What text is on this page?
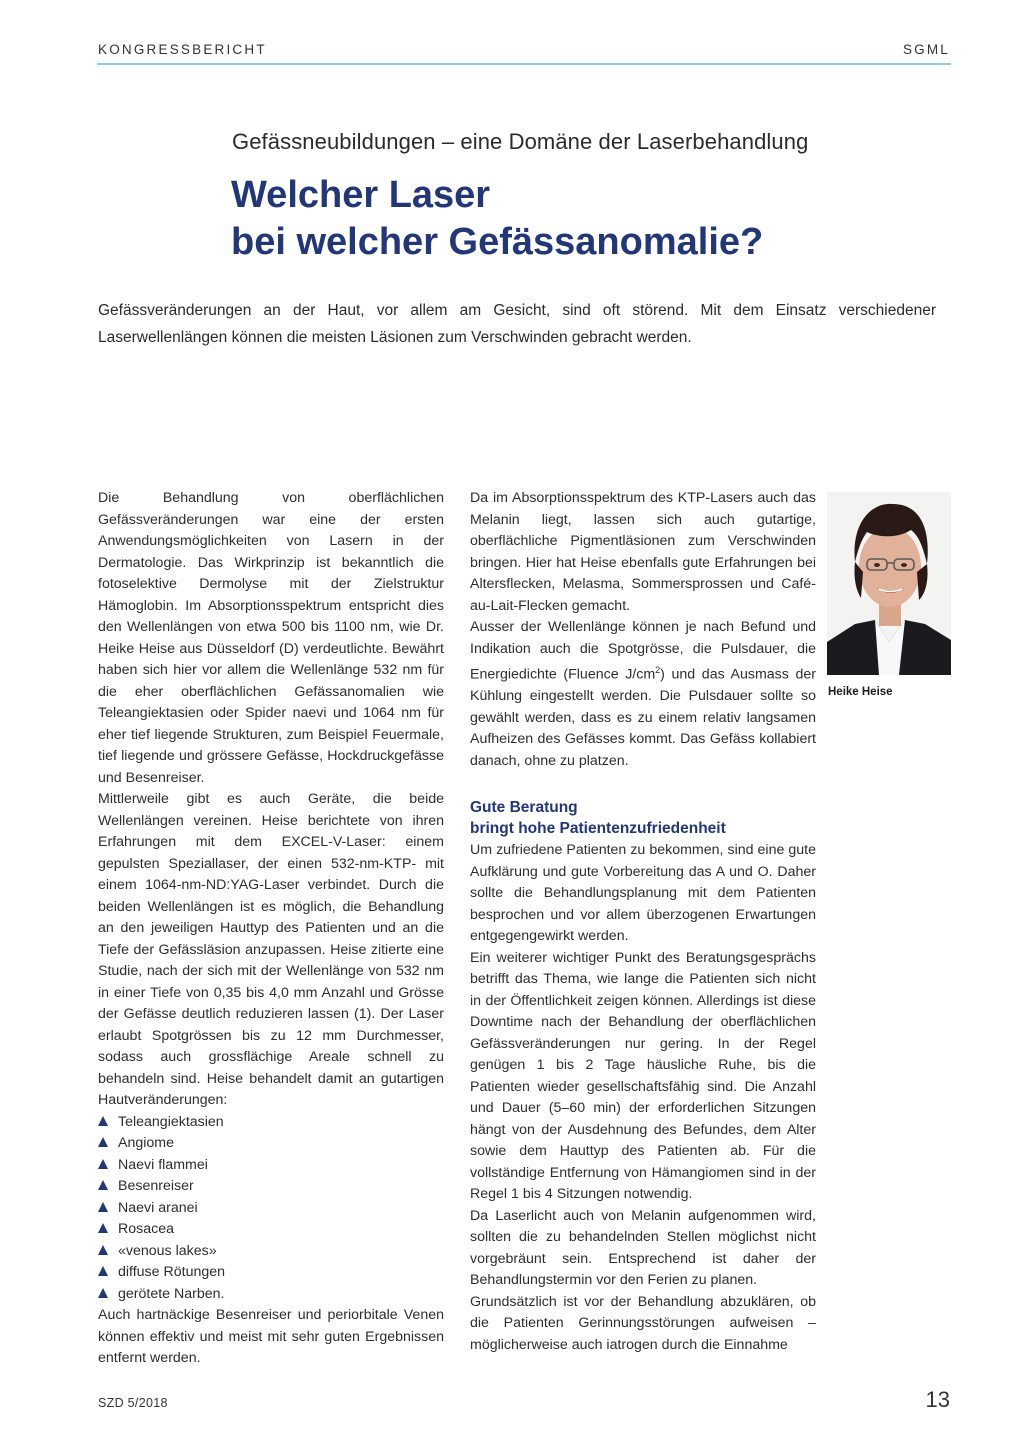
KONGRESSBERICHT	SGML
Gefässneubildungen – eine Domäne der Laserbehandlung
Welcher Laser
bei welcher Gefässanomalie?

Gefässveränderungen an der Haut, vor allem am Gesicht, sind oft störend. Mit dem Einsatz verschiedener Laserwellenlängen können die meisten Läsionen zum Verschwinden gebracht werden.

Die Behandlung von oberflächlichen Gefässveränderungen war eine der ersten Anwendungsmöglichkeiten von Lasern in der Dermatologie. Das Wirkprinzip ist bekanntlich die fotoselektive Dermolyse mit der Zielstruktur Hämoglobin. Im Absorptionsspektrum entspricht dies den Wellenlängen von etwa 500 bis 1100 nm, wie Dr. Heike Heise aus Düsseldorf (D) verdeutlichte. Bewährt haben sich hier vor allem die Wellenlänge 532 nm für die eher oberflächlichen Gefässanomalien wie Teleangiektasien oder Spider naevi und 1064 nm für eher tief liegende Strukturen, zum Beispiel Feuermale, tief liegende und grössere Gefässe, Hockdruckgefässe und Besenreiser.

Mittlerweile gibt es auch Geräte, die beide Wellenlängen vereinen. Heise berichtete von ihren Erfahrungen mit dem EXCEL-V-Laser: einem gepulsten Speziallaser, der einen 532-nm-KTP- mit einem 1064-nm-ND:YAG-Laser verbindet. Durch die beiden Wellenlängen ist es möglich, die Behandlung an den jeweiligen Hauttyp des Patienten und an die Tiefe der Gefässläsion anzupassen. Heise zitierte eine Studie, nach der sich mit der Wellenlänge von 532 nm in einer Tiefe von 0,35 bis 4,0 mm Anzahl und Grösse der Gefässe deutlich reduzieren lassen (1). Der Laser erlaubt Spotgrössen bis zu 12 mm Durchmesser, sodass auch grossflächige Areale schnell zu behandeln sind. Heise behandelt damit an gutartigen Hautveränderungen:

Teleangiektasien
Angiome
Naevi flammei
Besenreiser
Naevi aranei
Rosacea
«venous lakes»
diffuse Rötungen
gerötete Narben.

Auch hartnäckige Besenreiser und periorbitale Venen können effektiv und meist mit sehr guten Ergebnissen entfernt werden.

Da im Absorptionsspektrum des KTP-Lasers auch das Melanin liegt, lassen sich auch gutartige, oberflächliche Pigmentläsionen zum Verschwinden bringen. Hier hat Heise ebenfalls gute Erfahrungen bei Altersflecken, Melasma, Sommersprossen und Café-au-Lait-Flecken gemacht.

Ausser der Wellenlänge können je nach Befund und Indikation auch die Spotgrösse, die Pulsdauer, die Energiedichte (Fluence $J/cm^2$) und das Ausmass der Kühlung eingestellt werden. Die Pulsdauer sollte so gewählt werden, dass es zu einem relativ langsamen Aufheizen des Gefässes kommt. Das Gefäss kollabiert danach, ohne zu platzen.

Gute Beratung
bringt hohe Patientenzufriedenheit

Um zufriedene Patienten zu bekommen, sind eine gute Aufklärung und gute Vorbereitung das A und O. Daher sollte die Behandlungsplanung mit dem Patienten besprochen und vor allem überzogenen Erwartungen entgegengewirkt werden.

Ein weiterer wichtiger Punkt des Beratungsgesprächs betrifft das Thema, wie lange die Patienten sich nicht in der Öffentlichkeit zeigen können. Allerdings ist diese Downtime nach der Behandlung der oberflächlichen Gefässveränderungen nur gering. In der Regel genügen 1 bis 2 Tage häusliche Ruhe, bis die Patienten wieder gesellschaftsfähig sind. Die Anzahl und Dauer (5–60 min) der erforderlichen Sitzungen hängt von der Ausdehnung des Befundes, dem Alter sowie dem Hauttyp des Patienten ab. Für die vollständige Entfernung von Hämangiomen sind in der Regel 1 bis 4 Sitzungen notwendig.

Da Laserlicht auch von Melanin aufgenommen wird, sollten die zu behandelnden Stellen möglichst nicht vorgebräunt sein. Entsprechend ist daher der Behandlungstermin vor den Ferien zu planen.

Grundsätzlich ist vor der Behandlung abzuklären, ob die Patienten Gerinnungsstörungen aufweisen – möglicherweise auch iatrogen durch die Einnahme

Heike Heise
SZD 5/2018	13
